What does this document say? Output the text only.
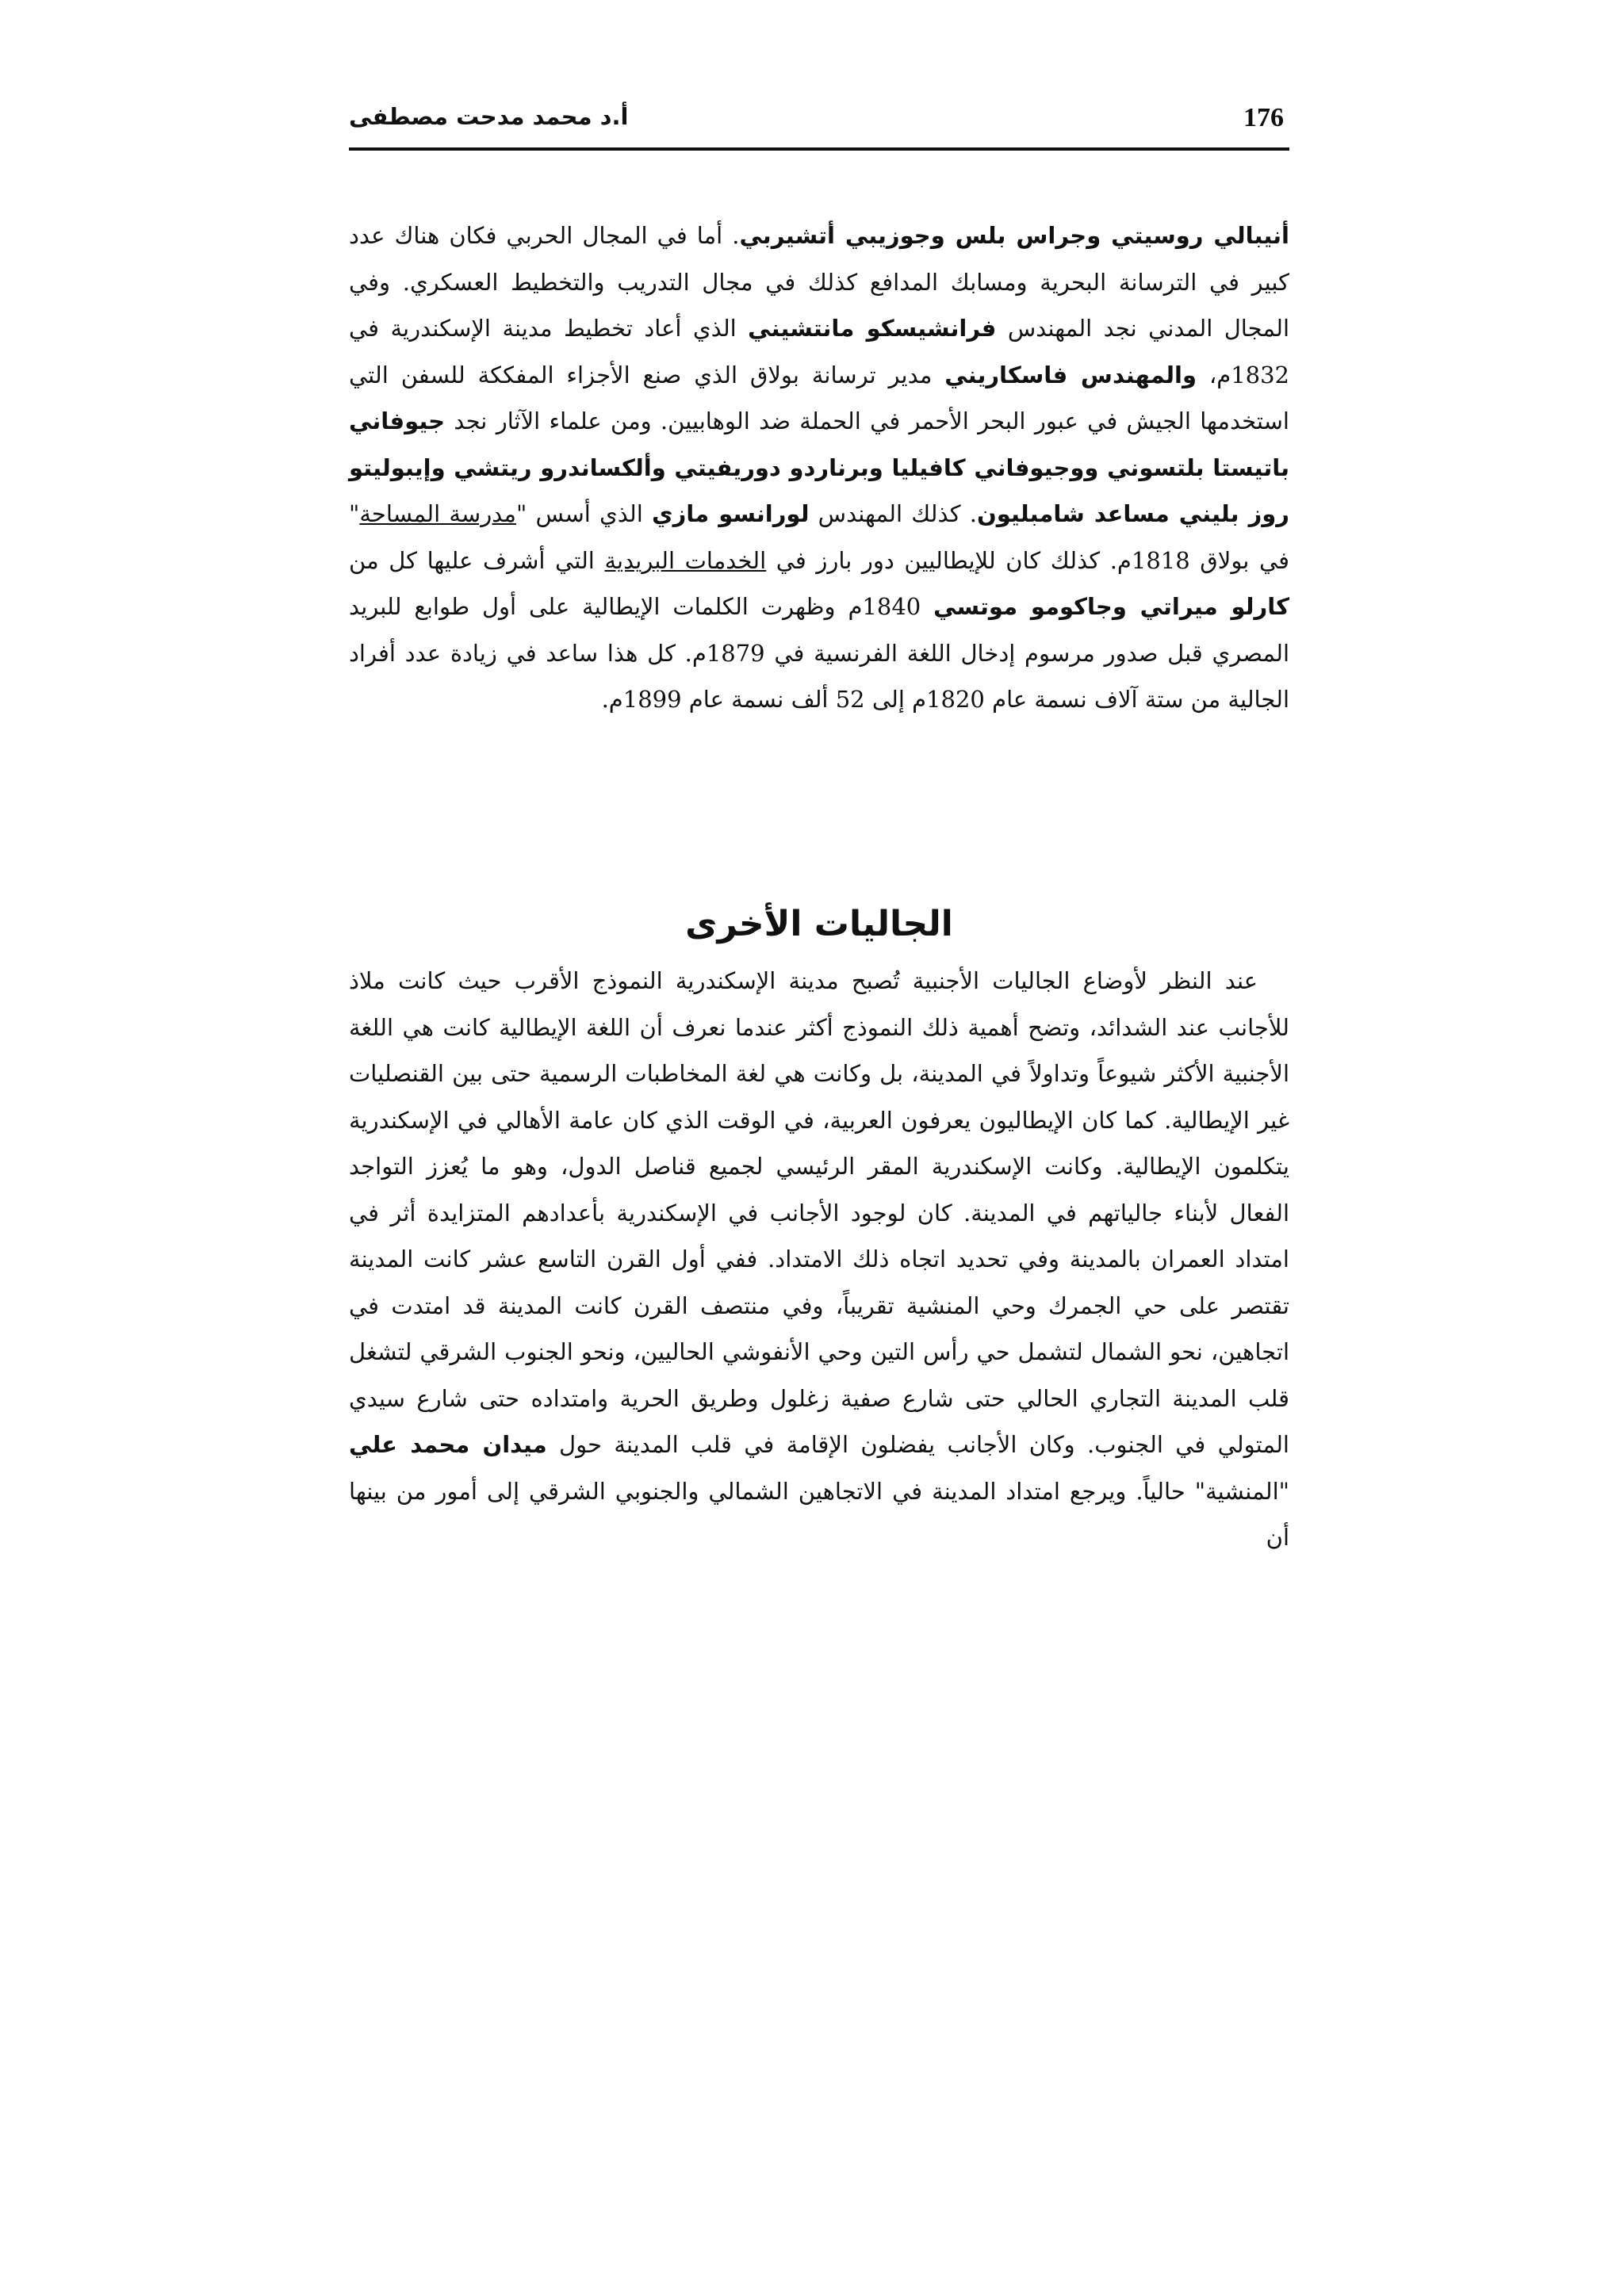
176
أ.د محمد مدحت مصطفى

أنيبالي روسيتي وجراس بلس وجوزيبي أتشيربي. أما في المجال الحربي فكان هناك عدد كبير في الترسانة البحرية ومسابك المدافع كذلك في مجال التدريب والتخطيط العسكري. وفي المجال المدني نجد المهندس فرانشيسكو مانتشيني الذي أعاد تخطيط مدينة الإسكندرية في 1832م، والمهندس فاسكاريني مدير ترسانة بولاق الذي صنع الأجزاء المفككة للسفن التي استخدمها الجيش في عبور البحر الأحمر في الحملة ضد الوهابيين. ومن علماء الآثار نجد جيوفاني باتيستا بلتسوني ووجيوفاني كافيليا وبرناردو دوريفيتي وألكساندرو ريتشي وإيبوليتو روز بليني مساعد شامبليون. كذلك المهندس لورانسو مازي الذي أسس "مدرسة المساحة" في بولاق 1818م. كذلك كان للإيطاليين دور بارز في الخدمات البريدية التي أشرف عليها كل من كارلو ميراتي وجاكومو موتسي 1840م وظهرت الكلمات الإيطالية على أول طوابع للبريد المصري قبل صدور مرسوم إدخال اللغة الفرنسية في 1879م. كل هذا ساعد في زيادة عدد أفراد الجالية من ستة آلاف نسمة عام 1820م إلى 52 ألف نسمة عام 1899م.

الجاليات الأخرى

عند النظر لأوضاع الجاليات الأجنبية تُصبح مدينة الإسكندرية النموذج الأقرب حيث كانت ملاذ للأجانب عند الشدائد، وتضح أهمية ذلك النموذج أكثر عندما نعرف أن اللغة الإيطالية كانت هي اللغة الأجنبية الأكثر شيوعاً وتداولاً في المدينة، بل وكانت هي لغة المخاطبات الرسمية حتى بين القنصليات غير الإيطالية. كما كان الإيطاليون يعرفون العربية، في الوقت الذي كان عامة الأهالي في الإسكندرية يتكلمون الإيطالية. وكانت الإسكندرية المقر الرئيسي لجميع قناصل الدول، وهو ما يُعزز التواجد الفعال لأبناء جالياتهم في المدينة. كان لوجود الأجانب في الإسكندرية بأعدادهم المتزايدة أثر في امتداد العمران بالمدينة وفي تحديد اتجاه ذلك الامتداد. ففي أول القرن التاسع عشر كانت المدينة تقتصر على حي الجمرك وحي المنشية تقريباً، وفي منتصف القرن كانت المدينة قد امتدت في اتجاهين، نحو الشمال لتشمل حي رأس التين وحي الأنفوشي الحاليين، ونحو الجنوب الشرقي لتشغل قلب المدينة التجاري الحالي حتى شارع صفية زغلول وطريق الحرية وامتداده حتى شارع سيدي المتولي في الجنوب. وكان الأجانب يفضلون الإقامة في قلب المدينة حول ميدان محمد علي "المنشية" حالياً. ويرجع امتداد المدينة في الاتجاهين الشمالي والجنوبي الشرقي إلى أمور من بينها أن
